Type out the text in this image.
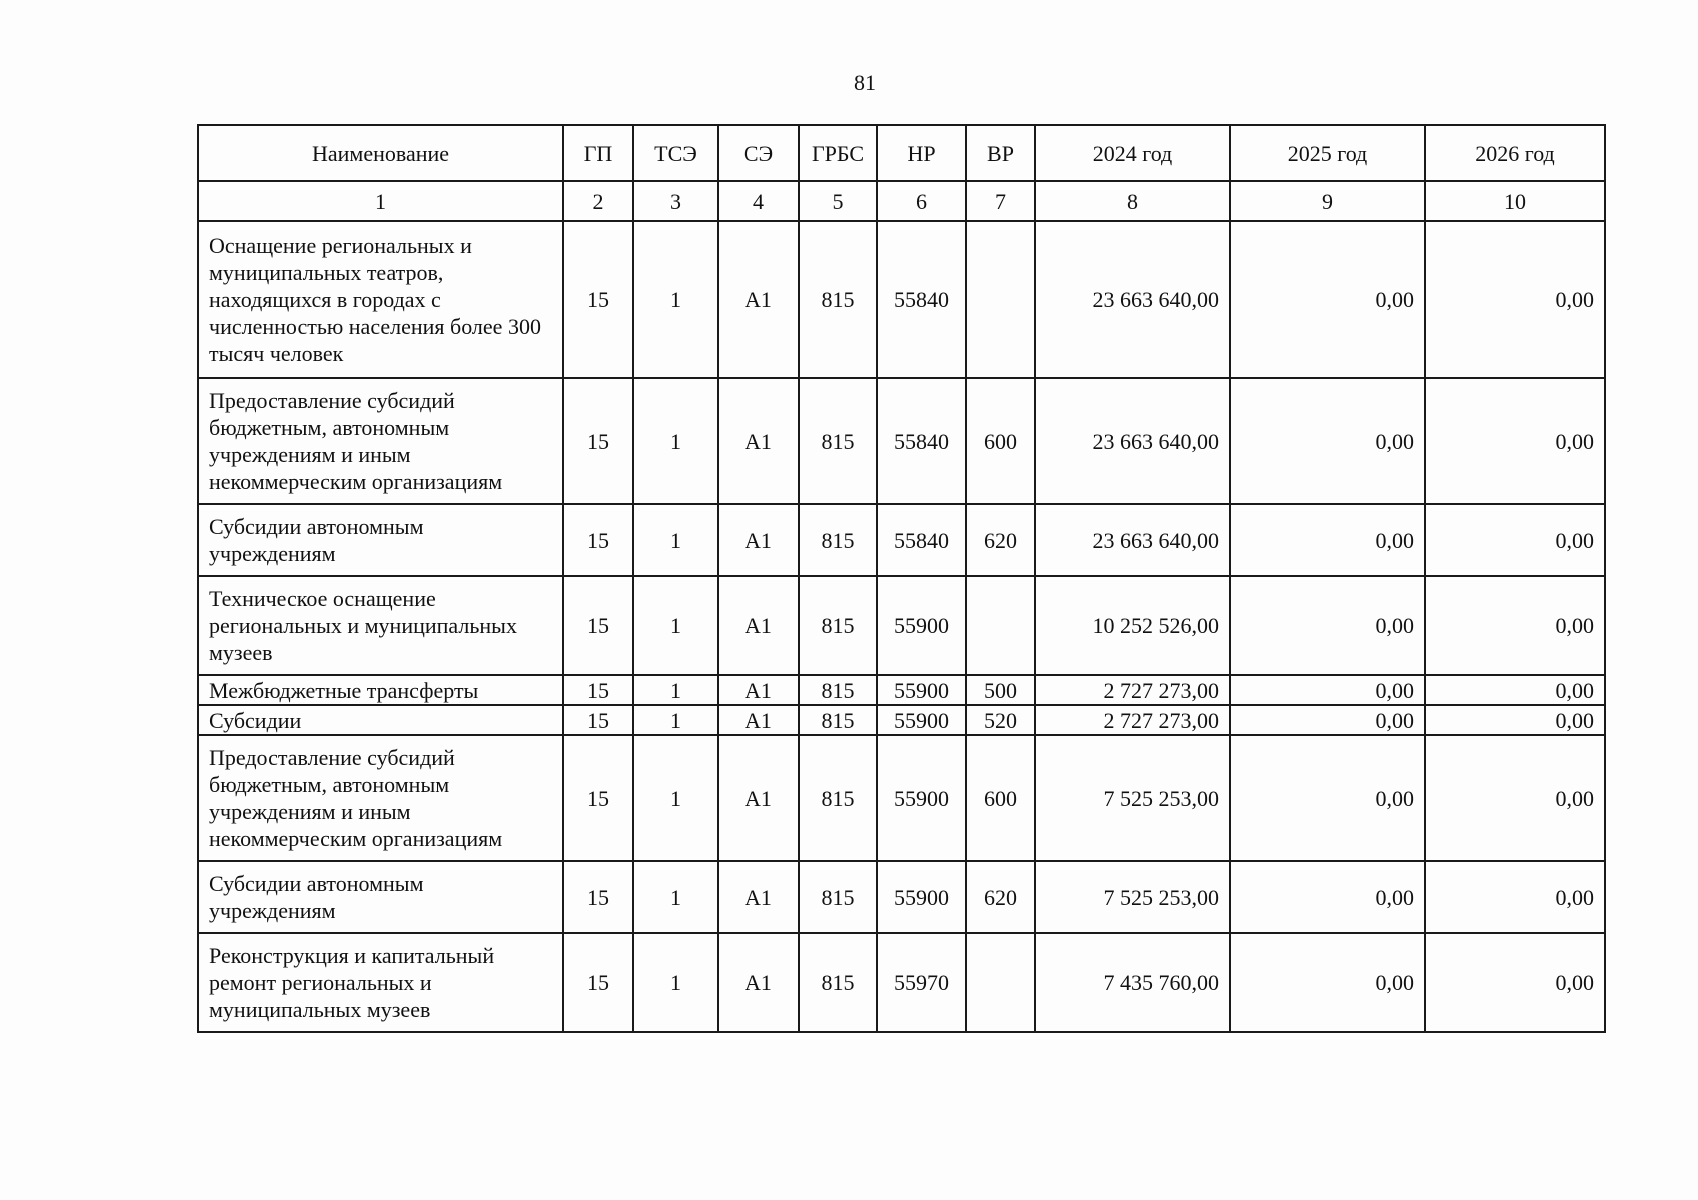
81
Наименование	ГП	ТСЭ	СЭ	ГРБС	НР	ВР	2024 год	2025 год	2026 год
1	2	3	4	5	6	7	8	9	10
Оснащение региональных и муниципальных театров, находящихся в городах с численностью населения более 300 тысяч человек	15	1	А1	815	55840		23 663 640,00	0,00	0,00
Предоставление субсидий бюджетным, автономным учреждениям и иным некоммерческим организациям	15	1	А1	815	55840	600	23 663 640,00	0,00	0,00
Субсидии автономным учреждениям	15	1	А1	815	55840	620	23 663 640,00	0,00	0,00
Техническое оснащение региональных и муниципальных музеев	15	1	А1	815	55900		10 252 526,00	0,00	0,00
Межбюджетные трансферты	15	1	А1	815	55900	500	2 727 273,00	0,00	0,00
Субсидии	15	1	А1	815	55900	520	2 727 273,00	0,00	0,00
Предоставление субсидий бюджетным, автономным учреждениям и иным некоммерческим организациям	15	1	А1	815	55900	600	7 525 253,00	0,00	0,00
Субсидии автономным учреждениям	15	1	А1	815	55900	620	7 525 253,00	0,00	0,00
Реконструкция и капитальный ремонт региональных и муниципальных музеев	15	1	А1	815	55970		7 435 760,00	0,00	0,00
